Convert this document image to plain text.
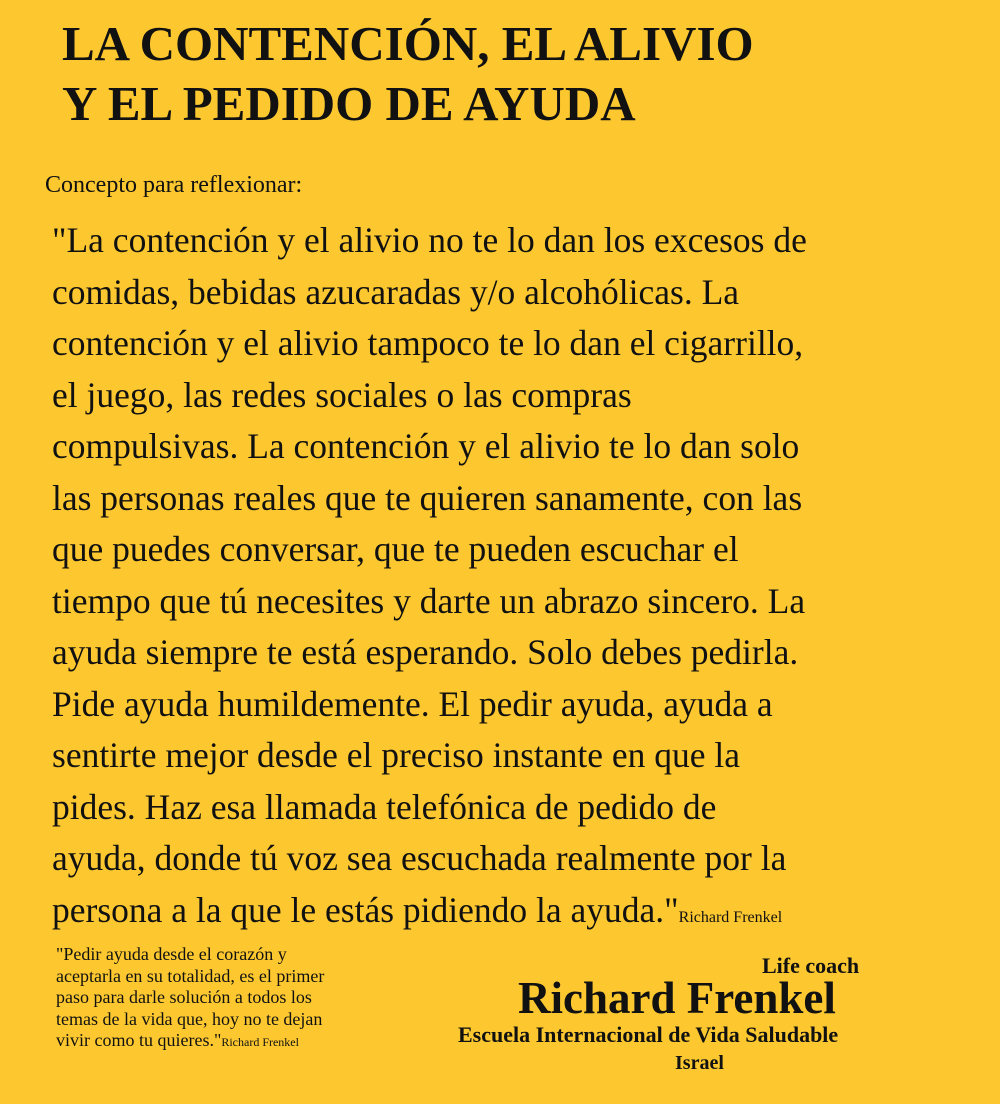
LA CONTENCIÓN, EL ALIVIO
Y EL PEDIDO DE AYUDA
Concepto para reflexionar:
"La contención y el alivio no te lo dan los excesos de
comidas, bebidas azucaradas y/o alcohólicas. La
contención y el alivio tampoco te lo dan el cigarrillo,
el juego, las redes sociales o las compras
compulsivas. La contención y el alivio te lo dan solo
las personas reales que te quieren sanamente, con las
que puedes conversar, que te pueden escuchar el
tiempo que tú necesites y darte un abrazo sincero. La
ayuda siempre te está esperando. Solo debes pedirla.
Pide ayuda humildemente. El pedir ayuda, ayuda a
sentirte mejor desde el preciso instante en que la
pides. Haz esa llamada telefónica de pedido de
ayuda, donde tú voz sea escuchada realmente por la
persona a la que le estás pidiendo la ayuda."Richard Frenkel
"Pedir ayuda desde el corazón y
aceptarla en su totalidad, es el primer
paso para darle solución a todos los
temas de la vida que, hoy no te dejan
vivir como tu quieres."Richard Frenkel
Life coach
Richard Frenkel
Escuela Internacional de Vida Saludable
Israel
